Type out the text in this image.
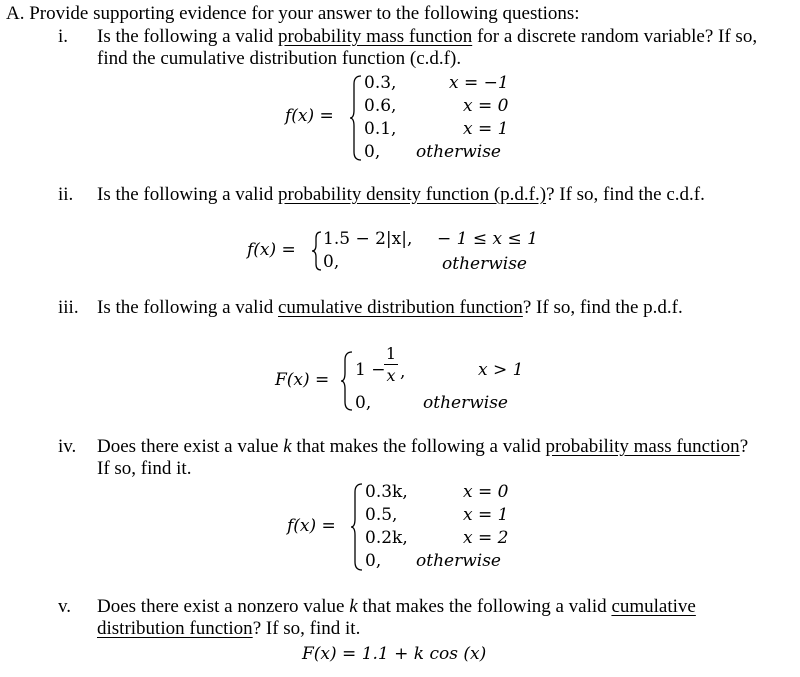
A. Provide supporting evidence for your answer to the following questions:
i. Is the following a valid probability mass function for a discrete random variable? If so,
find the cumulative distribution function (c.d.f).
f(x) =
0.3,
0.6,
0.1,
0,
x = −1
x = 0
x = 1
otherwise
ii. Is the following a valid probability density function (p.d.f.)? If so, find the c.d.f.
f(x) =
1.5 − 2|x|,
0,
− 1 ≤ x ≤ 1
otherwise
iii. Is the following a valid cumulative distribution function? If so, find the p.d.f.
F(x) = 1 −
1
x ,	x > 1
0,	otherwise
iv. Does there exist a value k that makes the following a valid probability mass function?
If so, find it.
f(x) =
0.3k,
0.5,
0.2k,
0,
x = 0
x = 1
x = 2
otherwise
v. Does there exist a nonzero value k that makes the following a valid cumulative
distribution function? If so, find it.
F(x) = 1.1 + k cos (x)
